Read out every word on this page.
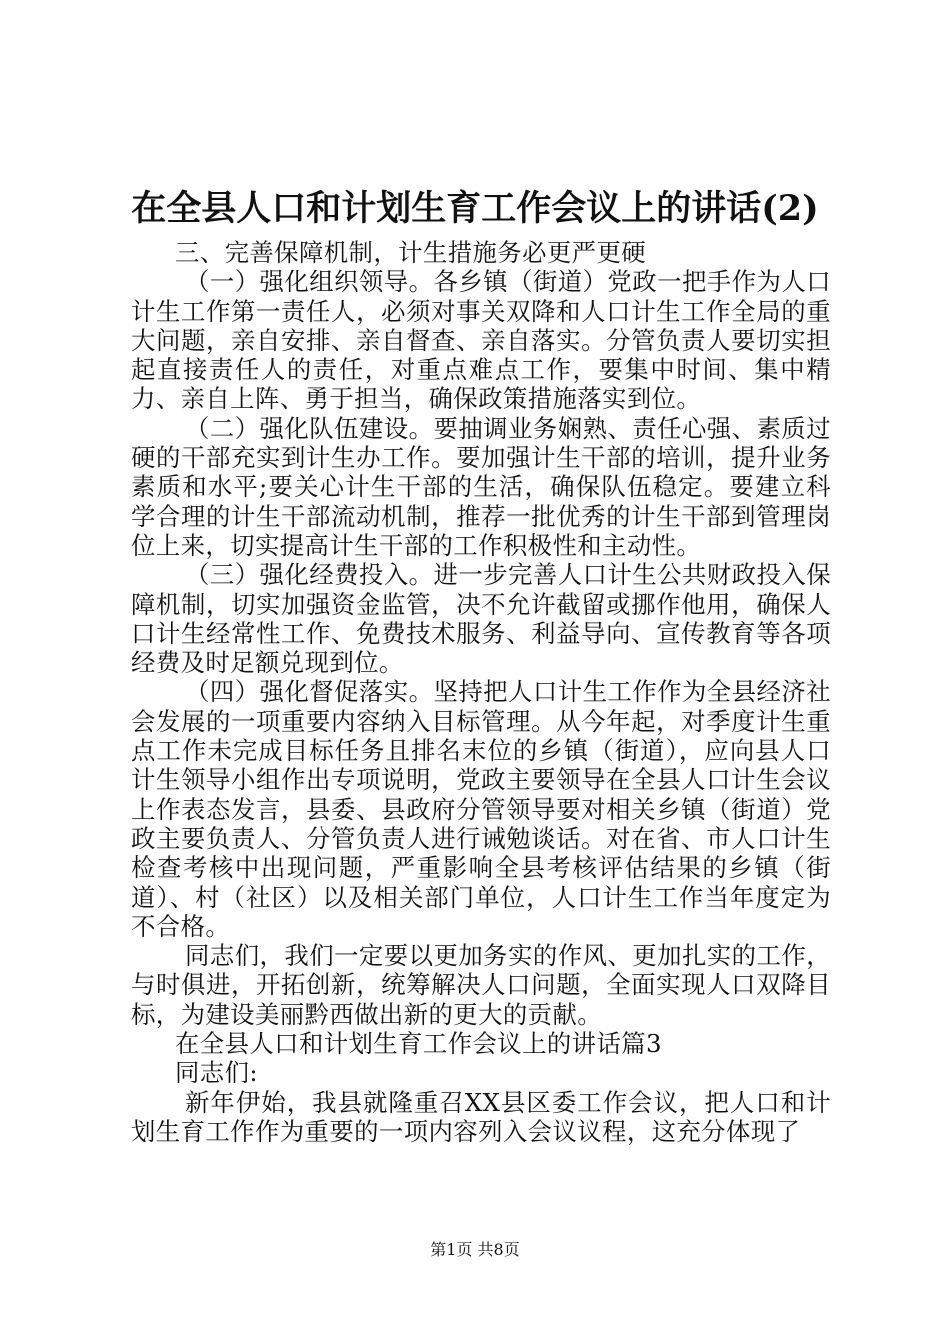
在全县人口和计划生育工作会议上的讲话(2)

三、完善保障机制，计生措施务必更严更硬

（一）强化组织领导。各乡镇（街道）党政一把手作为人口计生工作第一责任人，必须对事关双降和人口计生工作全局的重大问题，亲自安排、亲自督查、亲自落实。分管负责人要切实担起直接责任人的责任，对重点难点工作，要集中时间、集中精力、亲自上阵、勇于担当，确保政策措施落实到位。

（二）强化队伍建设。要抽调业务娴熟、责任心强、素质过硬的干部充实到计生办工作。要加强计生干部的培训，提升业务素质和水平;要关心计生干部的生活，确保队伍稳定。要建立科学合理的计生干部流动机制，推荐一批优秀的计生干部到管理岗位上来，切实提高计生干部的工作积极性和主动性。

（三）强化经费投入。进一步完善人口计生公共财政投入保障机制，切实加强资金监管，决不允许截留或挪作他用，确保人口计生经常性工作、免费技术服务、利益导向、宣传教育等各项经费及时足额兑现到位。

（四）强化督促落实。坚持把人口计生工作作为全县经济社会发展的一项重要内容纳入目标管理。从今年起，对季度计生重点工作未完成目标任务且排名末位的乡镇（街道），应向县人口计生领导小组作出专项说明，党政主要领导在全县人口计生会议上作表态发言，县委、县政府分管领导要对相关乡镇（街道）党政主要负责人、分管负责人进行诫勉谈话。对在省、市人口计生检查考核中出现问题，严重影响全县考核评估结果的乡镇（街道）、村（社区）以及相关部门单位，人口计生工作当年度定为不合格。

同志们，我们一定要以更加务实的作风、更加扎实的工作，与时俱进，开拓创新，统筹解决人口问题，全面实现人口双降目标，为建设美丽黔西做出新的更大的贡献。

在全县人口和计划生育工作会议上的讲话篇3

同志们:

新年伊始，我县就隆重召XX县区委工作会议，把人口和计划生育工作作为重要的一项内容列入会议议程，这充分体现了

第1页 共8页
